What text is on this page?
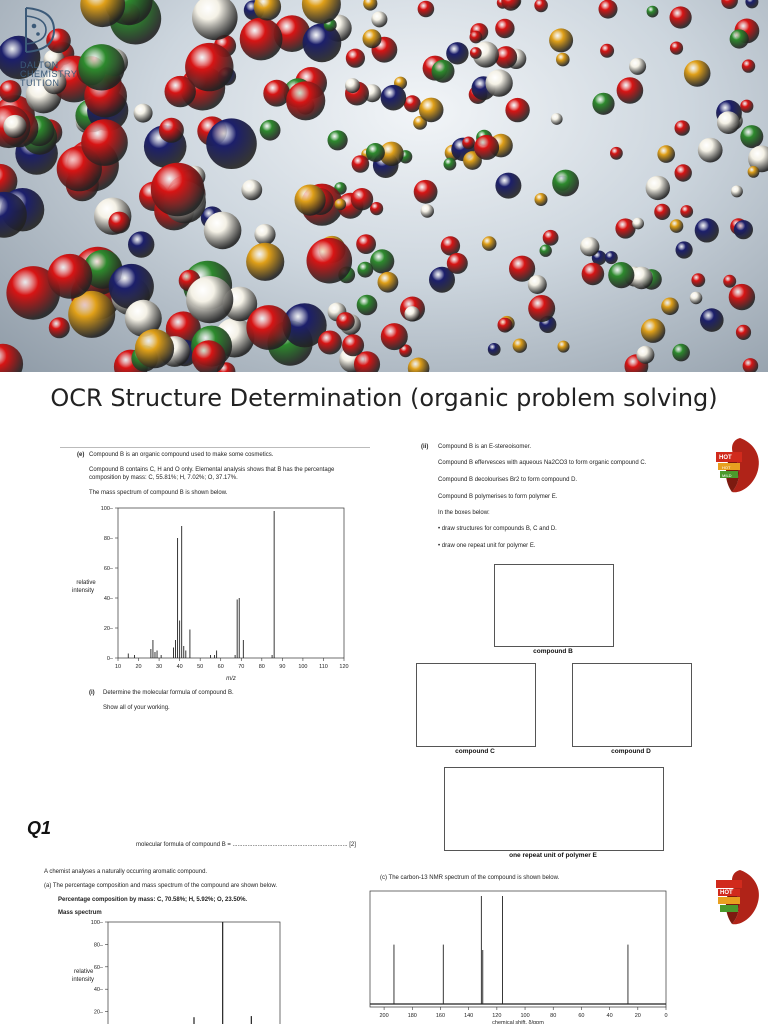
DALTON
CHEMISTRY
TUITION
OCR Structure Determination (organic problem solving)
(e) Compound B is an organic compound used to make some cosmetics.
Compound B contains C, H and O only. Elemental analysis shows that B has the percentage
composition by mass: C, 55.81%; H, 7.02%; O, 37.17%.
The mass spectrum of compound B is shown below.
relative
intensity
0–
20–
40–
60–
80–
100–
10	20	30	40	50	60	70	80	90 100 110 120
m/z
(i) Determine the molecular formula of compound B.
Show all of your working.
molecular formula of compound B = ..................................................................... [2]
Q1
(ii) Compound B is an E-stereoisomer.
Compound B effervesces with aqueous Na2CO3 to form organic compound C.
Compound B decolourises Br2 to form compound D.
Compound B polymerises to form polymer E.
In the boxes below:
• draw structures for compounds B, C and D.
• draw one repeat unit for polymer E.
compound B
compound C	compound D
one repeat unit of polymer E
HOT
HOT
MILD
HOT
A chemist analyses a naturally occurring aromatic compound.
(a) The percentage composition and mass spectrum of the compound are shown below.
Percentage composition by mass: C, 70.58%; H, 5.92%; O, 23.50%.
Mass spectrum
relative
intensity
20–
40–
60–
80–
100–
(c) The carbon-13 NMR spectrum of the compound is shown below.
200	180	160	140	120	100	80	60	40	20	0
chemical shift, δ/ppm
